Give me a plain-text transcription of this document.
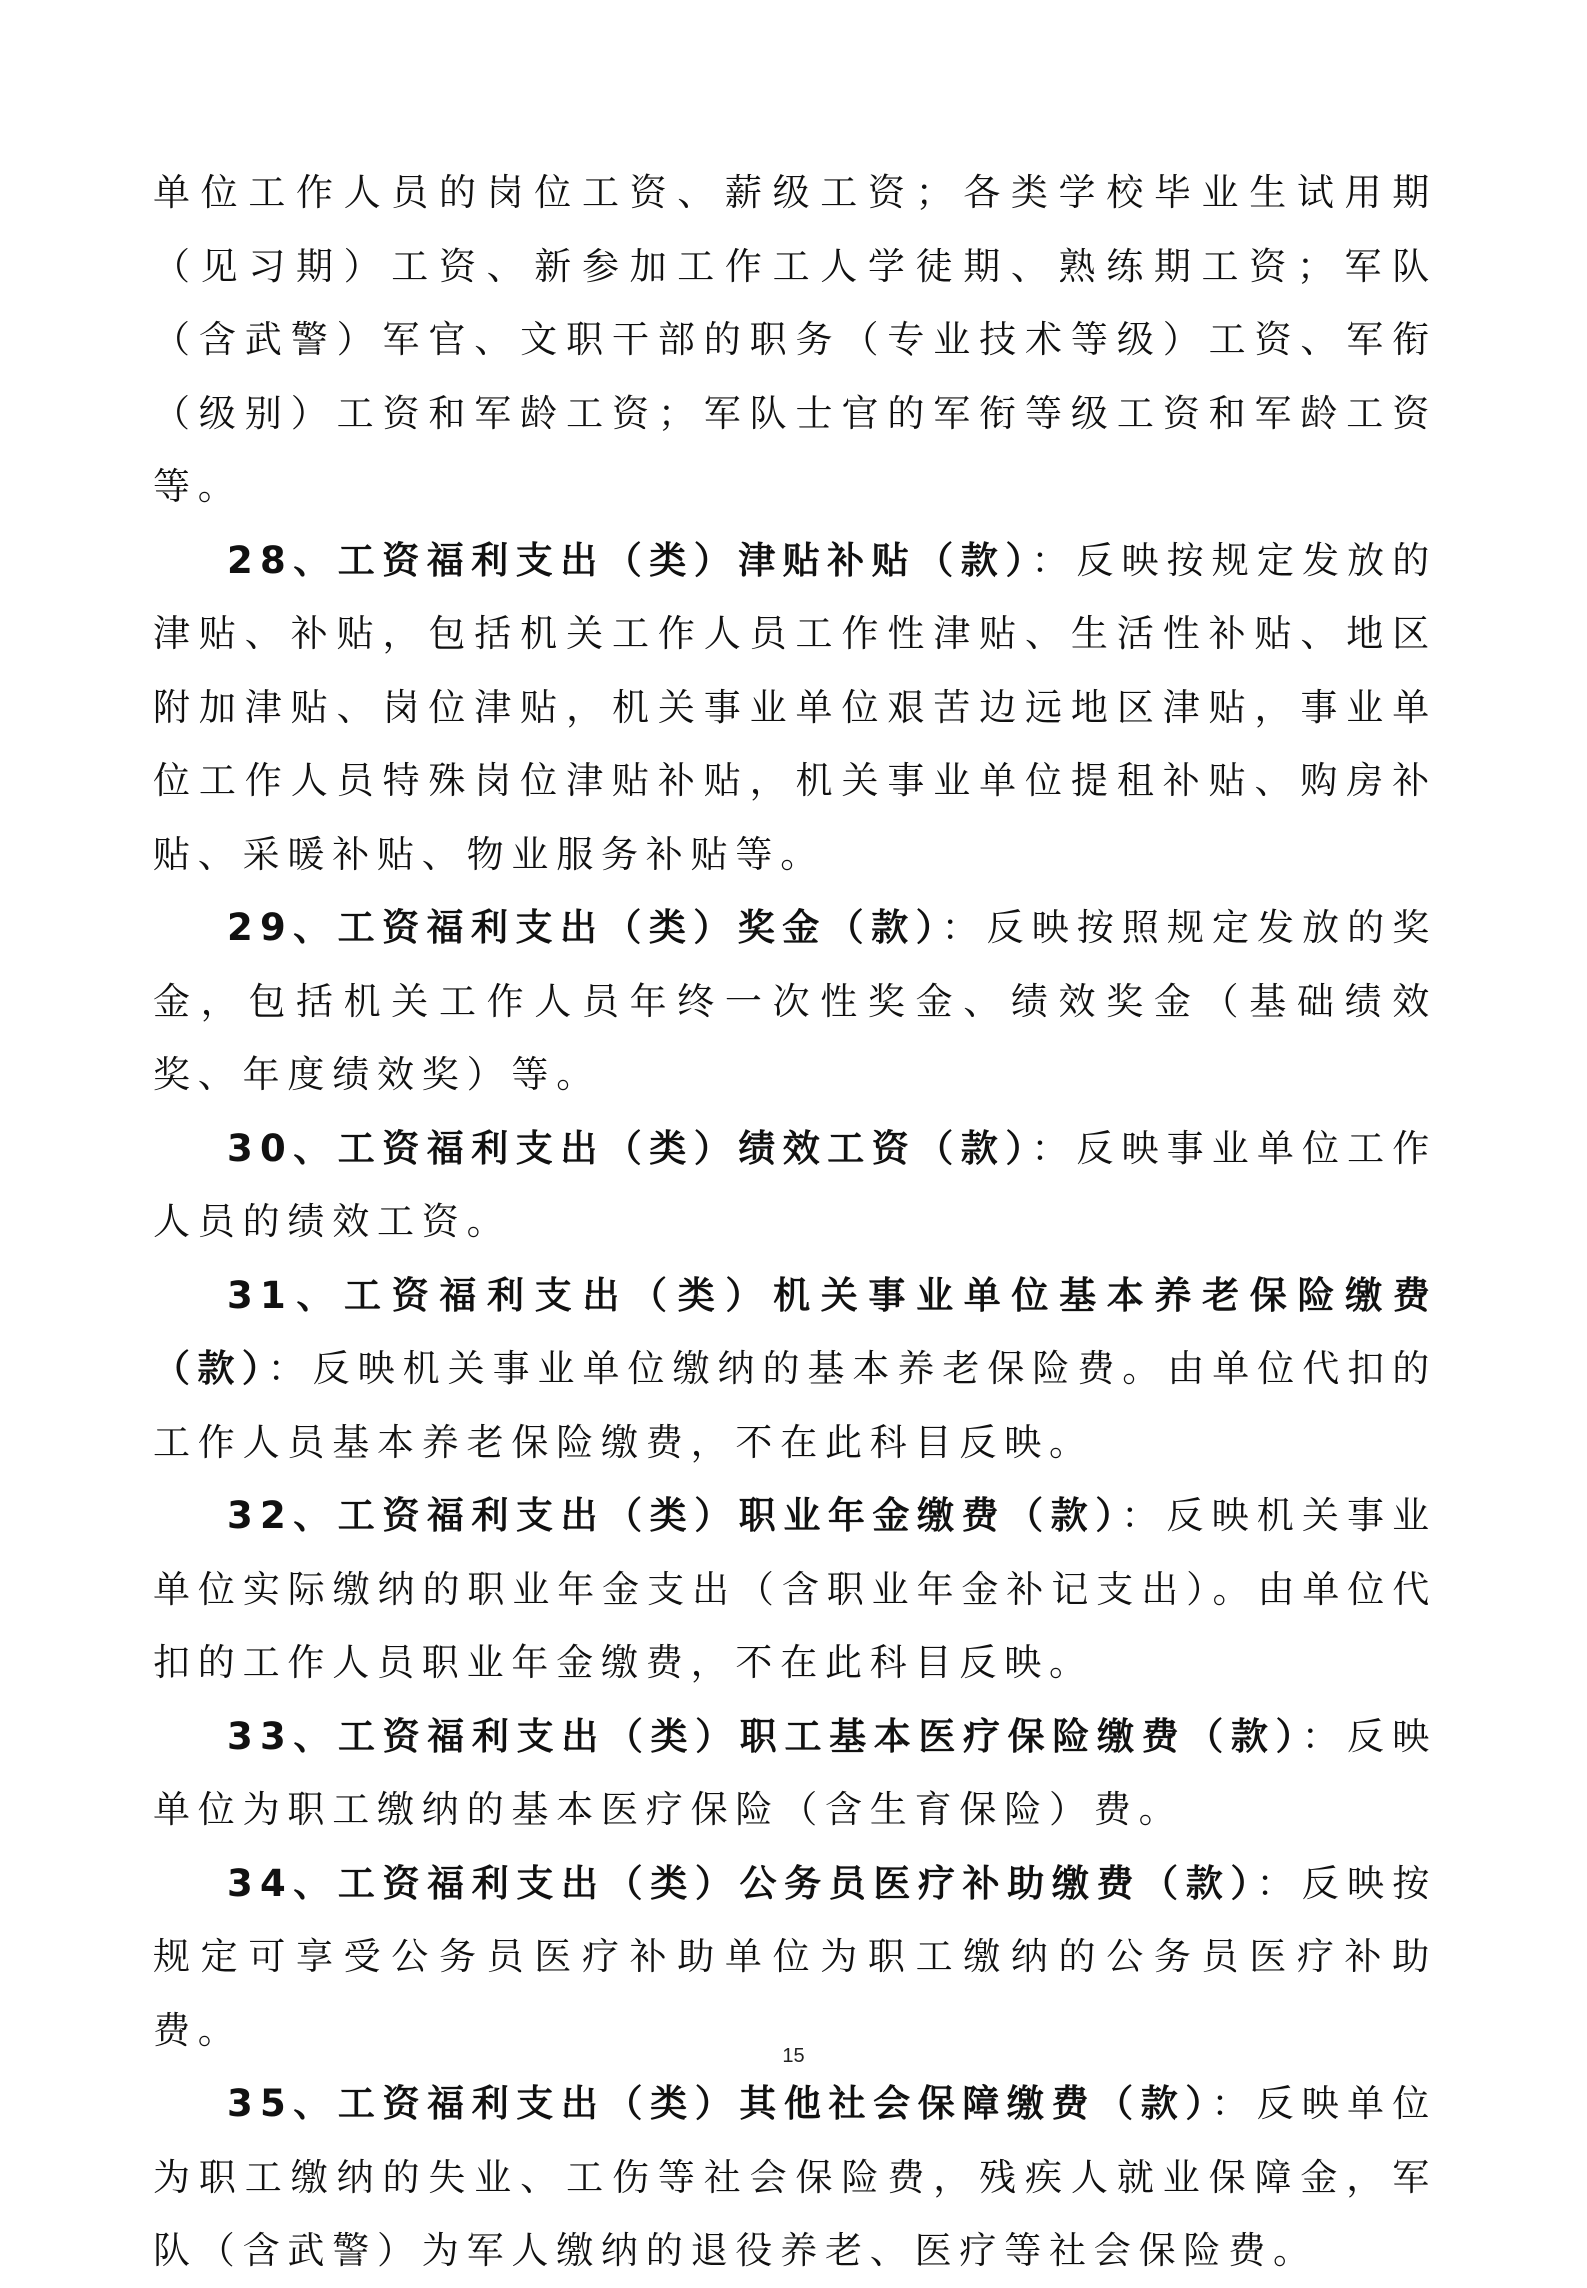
单位工作人员的岗位工资、薪级工资；各类学校毕业生试用期（见习期）工资、新参加工作工人学徒期、熟练期工资；军队（含武警）军官、文职干部的职务（专业技术等级）工资、军衔（级别）工资和军龄工资；军队士官的军衔等级工资和军龄工资等。

28、工资福利支出（类）津贴补贴（款）：反映按规定发放的津贴、补贴，包括机关工作人员工作性津贴、生活性补贴、地区附加津贴、岗位津贴，机关事业单位艰苦边远地区津贴，事业单位工作人员特殊岗位津贴补贴，机关事业单位提租补贴、购房补贴、采暖补贴、物业服务补贴等。

29、工资福利支出（类）奖金（款）：反映按照规定发放的奖金，包括机关工作人员年终一次性奖金、绩效奖金（基础绩效奖、年度绩效奖）等。

30、工资福利支出（类）绩效工资（款）：反映事业单位工作人员的绩效工资。

31、工资福利支出（类）机关事业单位基本养老保险缴费（款）：反映机关事业单位缴纳的基本养老保险费。由单位代扣的工作人员基本养老保险缴费，不在此科目反映。

32、工资福利支出（类）职业年金缴费（款）：反映机关事业单位实际缴纳的职业年金支出（含职业年金补记支出）。由单位代扣的工作人员职业年金缴费，不在此科目反映。

33、工资福利支出（类）职工基本医疗保险缴费（款）：反映单位为职工缴纳的基本医疗保险（含生育保险）费。

34、工资福利支出（类）公务员医疗补助缴费（款）：反映按规定可享受公务员医疗补助单位为职工缴纳的公务员医疗补助费。

35、工资福利支出（类）其他社会保障缴费（款）：反映单位为职工缴纳的失业、工伤等社会保险费，残疾人就业保障金，军队（含武警）为军人缴纳的退役养老、医疗等社会保险费。

15
